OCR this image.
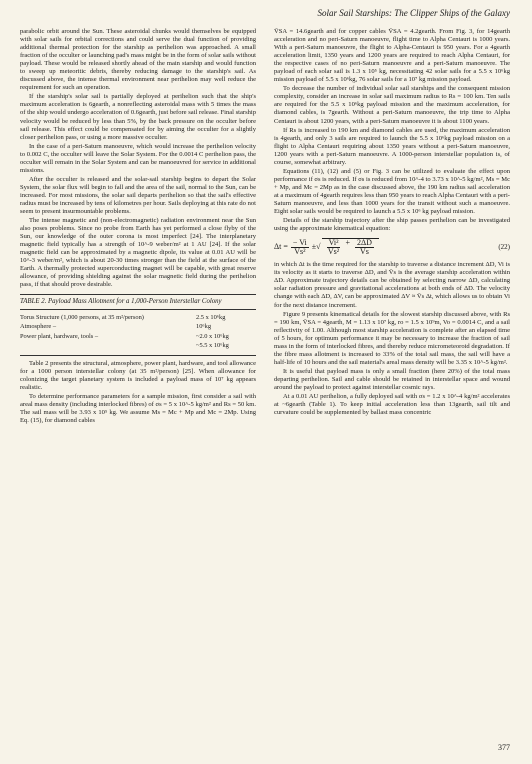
Solar Sail Starships: The Clipper Ships of the Galaxy

parabolic orbit around the Sun. These asteroidal chunks would themselves be equipped with solar sails for orbital corrections and could serve the dual function of providing additional thermal protection for the starship as perihelion was approached. A small fraction of the occulter or launching pad's mass might be in the form of solar sails without payload. These would be released shortly ahead of the main starship and would function to sweep up meteoritic debris, thereby reducing damage to the starship's sail. As discussed above, the intense thermal environment near perihelion may well reduce the requirement for such an operation.

If the starship's solar sail is partially deployed at perihelion such that the ship's maximum acceleration is 6gearth, a nonreflecting asteroidal mass with 5 times the mass of the ship would undergo acceleration of 0.6gearth, just before sail release. Final starship velocity would be reduced by less than 5%, by the back pressure on the occulter before sail release. This effect could be compensated for by aiming the occulter for a slightly closer perihelion pass, or using a more massive occulter.

In the case of a peri-Saturn manoeuvre, which would increase the perihelion velocity to 0.002 C, the occulter will leave the Solar System. For the 0.0014 C perihelion pass, the occulter will remain in the Solar System and can be manoeuvred for service in additional missions.

After the occulter is released and the solar-sail starship begins to depart the Solar System, the solar flux will begin to fall and the area of the sail, normal to the Sun, can be increased. For most missions, the solar sail departs perihelion so that the sail's effective radius must be increased by tens of kilometres per hour. Sails deploying at this rate do not seem to present insurmountable problems.

The intense magnetic and (non-electromagnetic) radiation environment near the Sun also poses problems. Since no probe from Earth has yet performed a close flyby of the Sun, our knowledge of the outer corona is most imperfect [24]. The interplanetary magnetic field typically has a strength of 10^-9 weber/m² at 1 AU [24]. If the solar magnetic field can be approximated by a magnetic dipole, its value at 0.01 AU will be 10^-3 weber/m², which is about 20-30 times stronger than the field at the surface of the Earth. A thermally protected superconducting magnet will be capable, with great reserve allowance, of providing shielding against the solar magnetic field during the perihelion pass, if that should prove desirable.

TABLE 2. Payload Mass Allotment for a 1,000-Person Interstellar Colony
Torus Structure (1,000 persons, at 35 m²/person)	2.5 x 10⁶kg
Atmosphere –	10⁶kg
Power plant, hardware, tools –	~2.0 x 10⁶kg
~5.5 x 10⁶kg

Table 2 presents the structural, atmosphere, power plant, hardware, and tool allowance for a 1000 person interstellar colony (at 35 m²/person) [25]. When allowance for colonizing the target planetary system is included a payload mass of 10⁷ kg appears realistic.

To determine performance parameters for a sample mission, first consider a sail with areal mass density (including interlocked fibres) of σs = 5 x 10^-5 kg/m² and Rs = 50 km. The sail mass will be 3.93 x 10⁵ kg. We assume Ms = Mc + Mp and Mc = 2Mp. Using Eq. (15), for diamond cables

V̄SA = 14.6gearth and for copper cables V̄SA = 4.2gearth. From Fig. 3, for 14gearth acceleration and no peri-Saturn manoeuvre, flight time to Alpha Centauri is 1000 years. With a peri-Saturn manoeuvre, the flight to Alpha-Centauri is 950 years. For a 4gearth acceleration limit, 1350 years and 1200 years are required to reach Alpha Centauri, for the respective cases of no peri-Saturn manoeuvre and a peri-Saturn manoeuvre. The payload of each solar sail is 1.3 x 10⁵ kg, necessitating 42 solar sails for a 5.5 x 10⁶kg mission payload of 5.5 x 10⁶kg, 76 solar sails for a 10⁷ kg mission payload.

To decrease the number of individual solar sail starships and the consequent mission complexity, consider an increase in solar sail maximum radius to Rs = 100 km. Ten sails are required for the 5.5 x 10⁶kg payload mission and the maximum acceleration, for diamond cables, is 7gearth. Without a peri-Saturn manoeuvre, the trip time to Alpha Centauri is about 1200 years, with a peri-Saturn manoeuvre it is about 1100 years.

If Rs is increased to 190 km and diamond cables are used, the maximum acceleration is 4gearth, and only 3 sails are required to launch the 5.5 x 10⁶kg payload mission on a flight to Alpha Centauri requiring about 1350 years without a peri-Saturn manoeuvre, 1200 years with a peri-Saturn manoeuvre. A 1000-person interstellar population is, of course, somewhat arbitrary.

Equations (11), (12) and (5) or Fig. 3 can be utilized to evaluate the effect upon performance if σs is reduced. If σs is reduced from 10^-4 to 3.73 x 10^-5 kg/m², Ms = Mc + Mp, and Mc = 2Mp as in the case discussed above, the 190 km radius sail acceleration at a maximum of 4gearth requires less than 950 years to reach Alpha Centauri with a peri-Saturn manoeuvre, and less than 1000 years for the transit without such a manoeuvre. Eight solar sails would be required to launch a 5.5 x 10⁶ kg payload mission.

Details of the starship trajectory after the ship passes perihelion can be investigated using the approximate kinematical equation:

$\Delta t = \frac{- Vi}{\text{V̄s²}}$ ± √ $\frac{\text{Vi²}}{\text{V̄s²}} + \frac{2\Delta D}{V̄s}$	(22)

in which Δt is the time required for the starship to traverse a distance increment ΔD, Vi is its velocity as it starts to traverse ΔD, and V̄s is the average starship acceleration within ΔD. Approximate trajectory details can be obtained by selecting narrow ΔD, calculating solar radiation pressure and gravitational accelerations at both ends of ΔD. The velocity change with each ΔD, ΔV, can be approximated ΔV ≈ V̄s Δt, which allows us to obtain Vi for the next distance increment.

Figure 9 presents kinematical details for the slowest starship discussed above, with Rs = 190 km, V̄SA = 4gearth, M = 1.13 x 10⁷ kg, ro = 1.5 x 10⁹m, Vo = 0.0014 C, and a sail reflectivity of 1.00. Although most starship acceleration is complete after an elapsed time of 5 hours, for optimum performance it may be necessary to increase the fraction of sail mass in the form of interlocked fibres, and thereby reduce micrometeoroid degradation. If the fibre mass allotment is increased to 33% of the total sail mass, the sail will have a half-life of 10 hours and the sail material's areal mass density will be 3.35 x 10^-5 kg/m².

It is useful that payload mass is only a small fraction (here 20%) of the total mass departing perihelion. Sail and cable should be retained in interstellar space and wound around the payload to protect against interstellar cosmic rays.

At a 0.01 AU perihelion, a fully deployed sail with σs = 1.2 x 10^-4 kg/m² accelerates at ~6gearth (Table 1). To keep initial acceleration less than 13gearth, sail tilt and curvature could be supplemented by ballast mass concentric

377
